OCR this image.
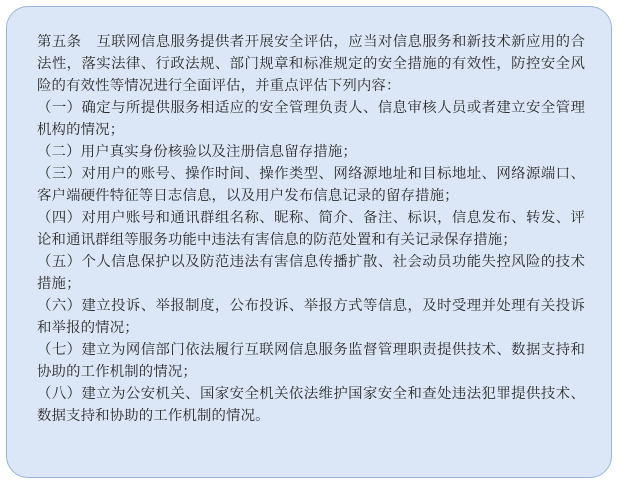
第五条 互联网信息服务提供者开展安全评估，应当对信息服务和新技术新应用的合法性，落实法律、行政法规、部门规章和标准规定的安全措施的有效性，防控安全风险的有效性等情况进行全面评估，并重点评估下列内容：

（一）确定与所提供服务相适应的安全管理负责人、信息审核人员或者建立安全管理机构的情况；

（二）用户真实身份核验以及注册信息留存措施；

（三）对用户的账号、操作时间、操作类型、网络源地址和目标地址、网络源端口、客户端硬件特征等日志信息，以及用户发布信息记录的留存措施；

（四）对用户账号和通讯群组名称、昵称、简介、备注、标识，信息发布、转发、评论和通讯群组等服务功能中违法有害信息的防范处置和有关记录保存措施；

（五）个人信息保护以及防范违法有害信息传播扩散、社会动员功能失控风险的技术措施；

（六）建立投诉、举报制度，公布投诉、举报方式等信息，及时受理并处理有关投诉和举报的情况；

（七）建立为网信部门依法履行互联网信息服务监督管理职责提供技术、数据支持和协助的工作机制的情况；

（八）建立为公安机关、国家安全机关依法维护国家安全和查处违法犯罪提供技术、数据支持和协助的工作机制的情况。
